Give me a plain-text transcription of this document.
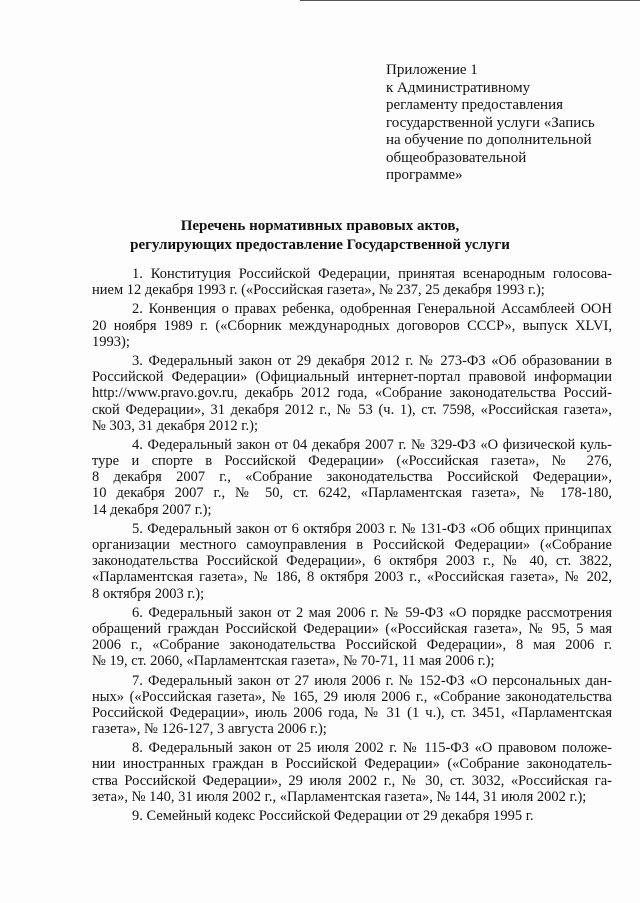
Приложение 1
к Административному
регламенту предоставления
государственной услуги «Запись
на обучение по дополнительной
общеобразовательной
программе»
Перечень нормативных правовых актов,
регулирующих предоставление Государственной услуги
1. Конституция Российской Федерации, принятая всенародным голосова-
нием 12 декабря 1993 г. («Российская газета», № 237, 25 декабря 1993 г.);
2. Конвенция о правах ребенка, одобренная Генеральной Ассамблеей ООН
20 ноября 1989 г. («Сборник международных договоров СССР», выпуск XLVI,
1993);
3. Федеральный закон от 29 декабря 2012 г. № 273-ФЗ «Об образовании в
Российской Федерации» (Официальный интернет-портал правовой информации
http://www.pravo.gov.ru, декабрь 2012 года, «Собрание законодательства Россий-
ской Федерации», 31 декабря 2012 г., № 53 (ч. 1), ст. 7598, «Российская газета»,
№ 303, 31 декабря 2012 г.);
4. Федеральный закон от 04 декабря 2007 г. № 329-ФЗ «О физической куль-
туре и спорте в Российской Федерации» («Российская газета», № 276,
8 декабря 2007 г., «Собрание законодательства Российской Федерации»,
10 декабря 2007 г., № 50, ст. 6242, «Парламентская газета», № 178-180,
14 декабря 2007 г.);
5. Федеральный закон от 6 октября 2003 г. № 131-ФЗ «Об общих принципах
организации местного самоуправления в Российской Федерации» («Собрание
законодательства Российской Федерации», 6 октября 2003 г., № 40, ст. 3822,
«Парламентская газета», № 186, 8 октября 2003 г., «Российская газета», № 202,
8 октября 2003 г.);
6. Федеральный закон от 2 мая 2006 г. № 59-ФЗ «О порядке рассмотрения
обращений граждан Российской Федерации» («Российская газета», № 95, 5 мая
2006 г., «Собрание законодательства Российской Федерации», 8 мая 2006 г.
№ 19, ст. 2060, «Парламентская газета», № 70-71, 11 мая 2006 г.);
7. Федеральный закон от 27 июля 2006 г. № 152-ФЗ «О персональных дан-
ных» («Российская газета», № 165, 29 июля 2006 г., «Собрание законодательства
Российской Федерации», июль 2006 года, № 31 (1 ч.), ст. 3451, «Парламентская
газета», № 126-127, 3 августа 2006 г.);
8. Федеральный закон от 25 июля 2002 г. № 115-ФЗ «О правовом положе-
нии иностранных граждан в Российской Федерации» («Собрание законодатель-
ства Российской Федерации», 29 июля 2002 г., № 30, ст. 3032, «Российская га-
зета», № 140, 31 июля 2002 г., «Парламентская газета», № 144, 31 июля 2002 г.);
9. Семейный кодекс Российской Федерации от 29 декабря 1995 г.
